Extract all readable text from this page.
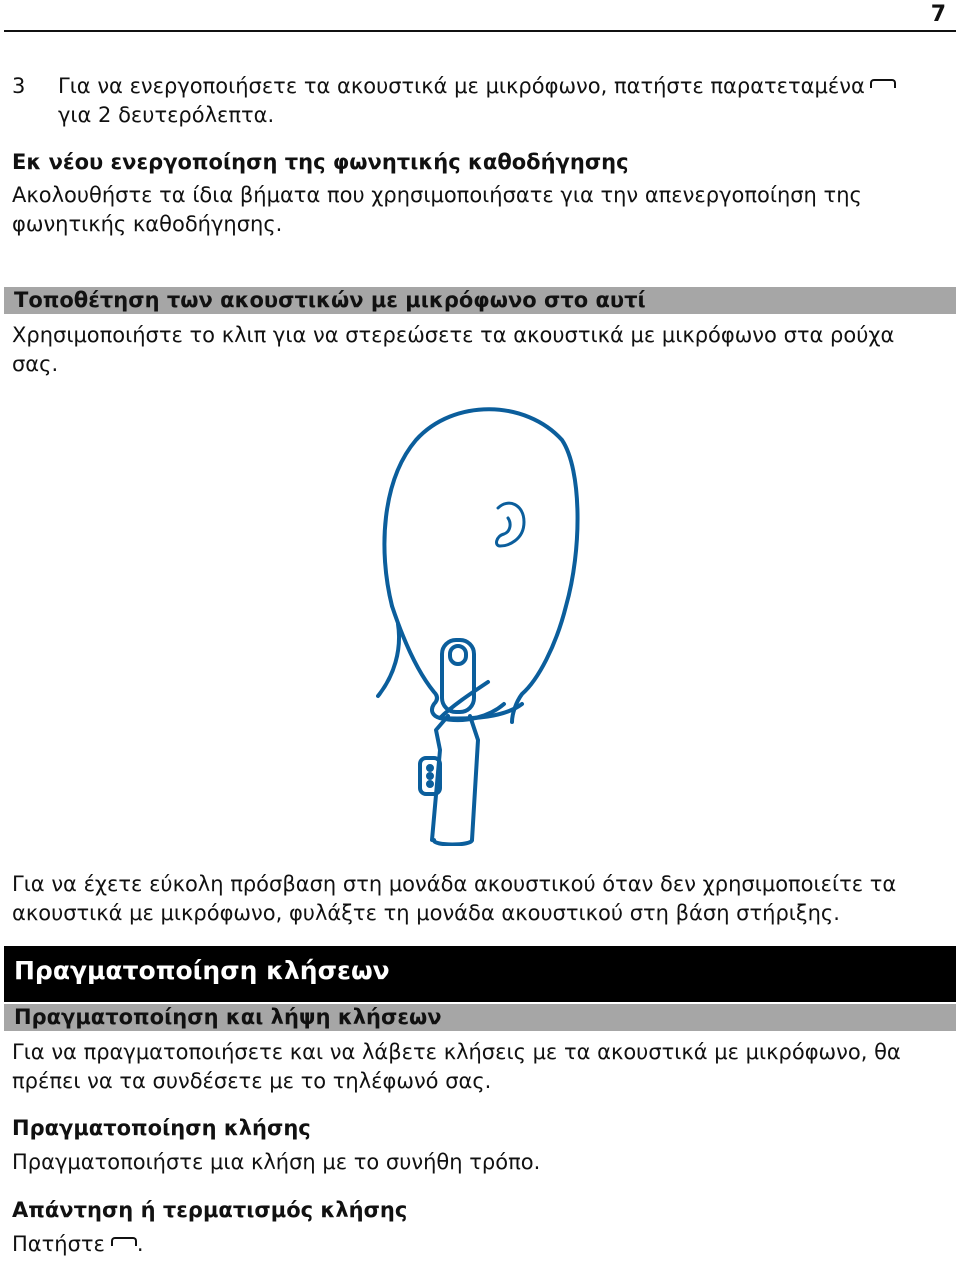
7
3	Για να ενεργοποιήσετε τα ακουστικά με μικρόφωνο, πατήστε παρατεταμένα

για 2 δευτερόλεπτα.

Εκ νέου ενεργοποίηση της φωνητικής καθοδήγησης

Ακολουθήστε τα ίδια βήματα που χρησιμοποιήσατε για την απενεργοποίηση της φωνητικής καθοδήγησης.

Τοποθέτηση των ακουστικών με μικρόφωνο στο αυτί

Χρησιμοποιήστε το κλιπ για να στερεώσετε τα ακουστικά με μικρόφωνο στα ρούχα σας.

Για να έχετε εύκολη πρόσβαση στη μονάδα ακουστικού όταν δεν χρησιμοποιείτε τα ακουστικά με μικρόφωνο, φυλάξτε τη μονάδα ακουστικού στη βάση στήριξης.

Πραγματοποίηση κλήσεων
Πραγματοποίηση και λήψη κλήσεων

Για να πραγματοποιήσετε και να λάβετε κλήσεις με τα ακουστικά με μικρόφωνο, θα πρέπει να τα συνδέσετε με το τηλέφωνό σας.

Πραγματοποίηση κλήσης

Πραγματοποιήστε μια κλήση με το συνήθη τρόπο.

Απάντηση ή τερματισμός κλήσης

Πατήστε .
